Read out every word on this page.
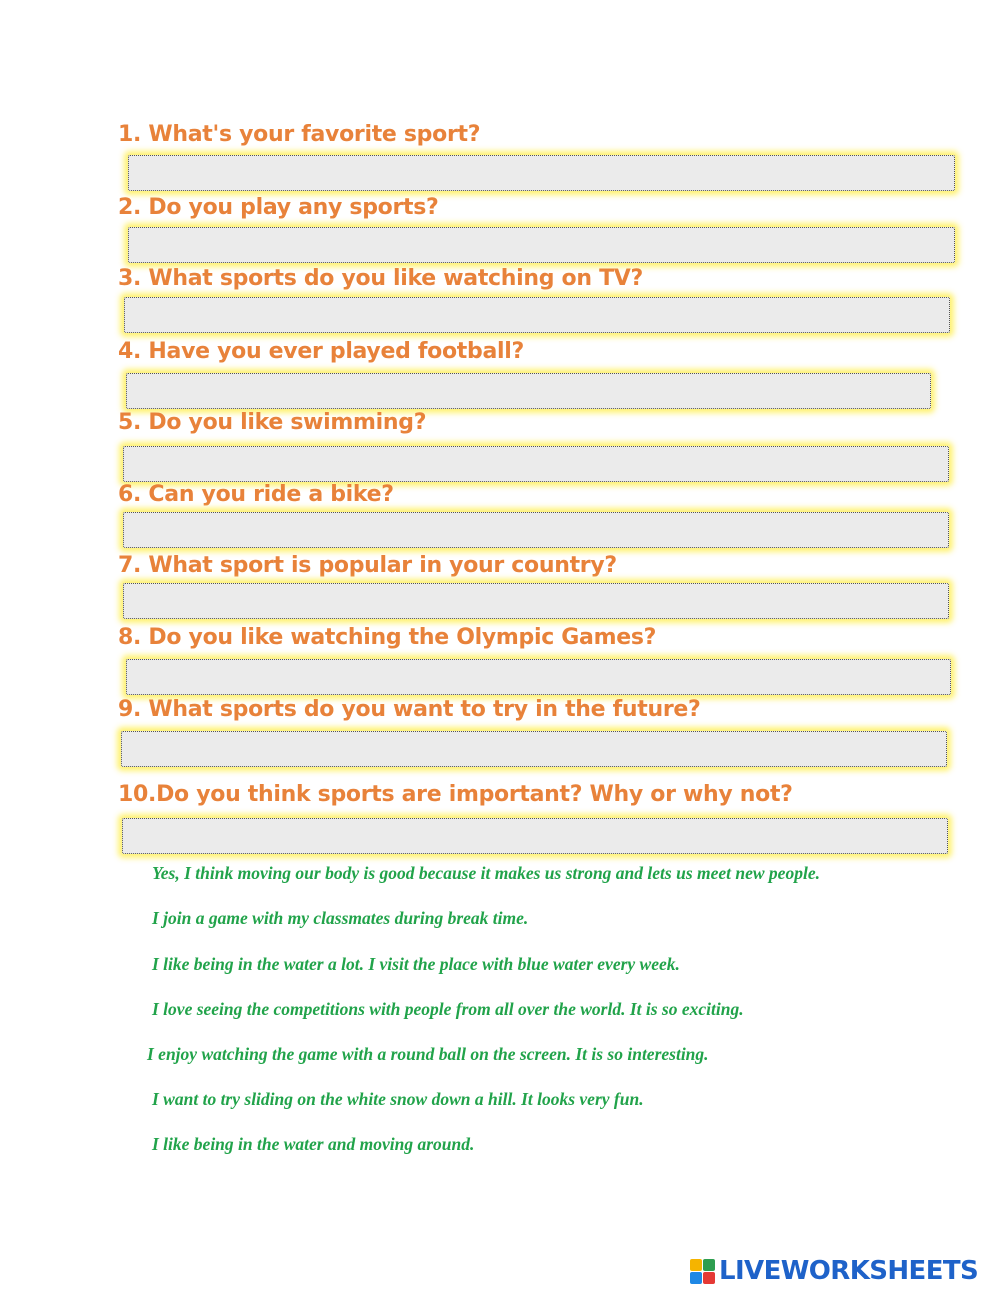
1. What's your favorite sport?
2. Do you play any sports?
3. What sports do you like watching on TV?
4. Have you ever played football?
5. Do you like swimming?
6. Can you ride a bike?
7. What sport is popular in your country?
8. Do you like watching the Olympic Games?
9. What sports do you want to try in the future?
10.Do you think sports are important? Why or why not?
Yes, I think moving our body is good because it makes us strong and lets us meet new people.
I join a game with my classmates during break time.
I like being in the water a lot. I visit the place with blue water every week.
I love seeing the competitions with people from all over the world. It is so exciting.
I enjoy watching the game with a round ball on the screen. It is so interesting.
I want to try sliding on the white snow down a hill. It looks very fun.
I like being in the water and moving around.
LIVEWORKSHEETS
